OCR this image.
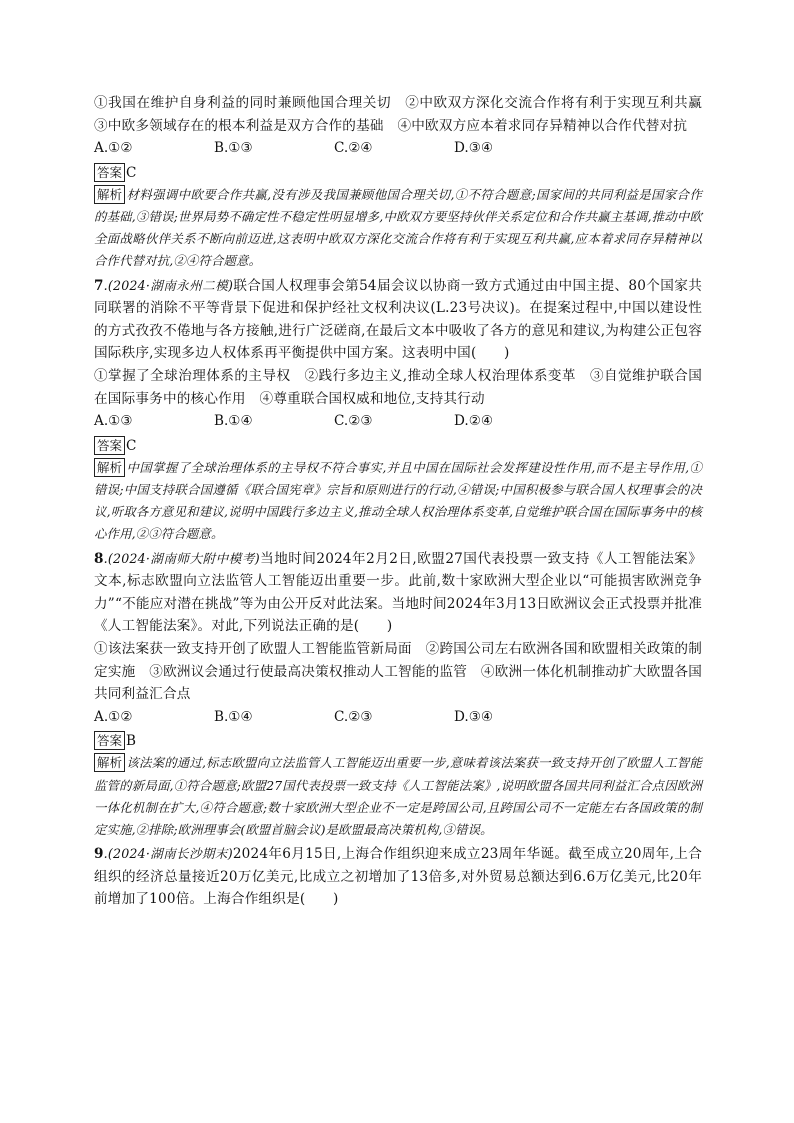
①我国在维护自身利益的同时兼顾他国合理关切　②中欧双方深化交流合作将有利于实现互利共赢　③中欧多领域存在的根本利益是双方合作的基础　④中欧双方应本着求同存异精神以合作代替对抗

A.①②	B.①③	C.②④	D.③④

答案 C

解析 材料强调中欧要合作共赢,没有涉及我国兼顾他国合理关切,①不符合题意;国家间的共同利益是国家合作的基础,③错误;世界局势不确定性不稳定性明显增多,中欧双方要坚持伙伴关系定位和合作共赢主基调,推动中欧全面战略伙伴关系不断向前迈进,这表明中欧双方深化交流合作将有利于实现互利共赢,应本着求同存异精神以合作代替对抗,②④符合题意。

7.(2024·湖南永州二模)联合国人权理事会第54届会议以协商一致方式通过由中国主提、80个国家共同联署的消除不平等背景下促进和保护经社文权利决议(L.23号决议)。在提案过程中,中国以建设性的方式孜孜不倦地与各方接触,进行广泛磋商,在最后文本中吸收了各方的意见和建议,为构建公正包容国际秩序,实现多边人权体系再平衡提供中国方案。这表明中国(　　)

①掌握了全球治理体系的主导权　②践行多边主义,推动全球人权治理体系变革　③自觉维护联合国在国际事务中的核心作用　④尊重联合国权威和地位,支持其行动

A.①③	B.①④	C.②③	D.②④

答案 C

解析 中国掌握了全球治理体系的主导权不符合事实,并且中国在国际社会发挥建设性作用,而不是主导作用,①错误;中国支持联合国遵循《联合国宪章》宗旨和原则进行的行动,④错误;中国积极参与联合国人权理事会的决议,听取各方意见和建议,说明中国践行多边主义,推动全球人权治理体系变革,自觉维护联合国在国际事务中的核心作用,②③符合题意。

8.(2024·湖南师大附中模考)当地时间2024年2月2日,欧盟27国代表投票一致支持《人工智能法案》文本,标志欧盟向立法监管人工智能迈出重要一步。此前,数十家欧洲大型企业以“可能损害欧洲竞争力”“不能应对潜在挑战”等为由公开反对此法案。当地时间2024年3月13日欧洲议会正式投票并批准《人工智能法案》。对此,下列说法正确的是(　　)

①该法案获一致支持开创了欧盟人工智能监管新局面　②跨国公司左右欧洲各国和欧盟相关政策的制定实施　③欧洲议会通过行使最高决策权推动人工智能的监管　④欧洲一体化机制推动扩大欧盟各国共同利益汇合点

A.①②	B.①④	C.②③	D.③④

答案 B

解析 该法案的通过,标志欧盟向立法监管人工智能迈出重要一步,意味着该法案获一致支持开创了欧盟人工智能监管的新局面,①符合题意;欧盟27国代表投票一致支持《人工智能法案》,说明欧盟各国共同利益汇合点因欧洲一体化机制在扩大,④符合题意;数十家欧洲大型企业不一定是跨国公司,且跨国公司不一定能左右各国政策的制定实施,②排除;欧洲理事会(欧盟首脑会议)是欧盟最高决策机构,③错误。

9.(2024·湖南长沙期末)2024年6月15日,上海合作组织迎来成立23周年华诞。截至成立20周年,上合组织的经济总量接近20万亿美元,比成立之初增加了13倍多,对外贸易总额达到6.6万亿美元,比20年前增加了100倍。上海合作组织是(　　)
